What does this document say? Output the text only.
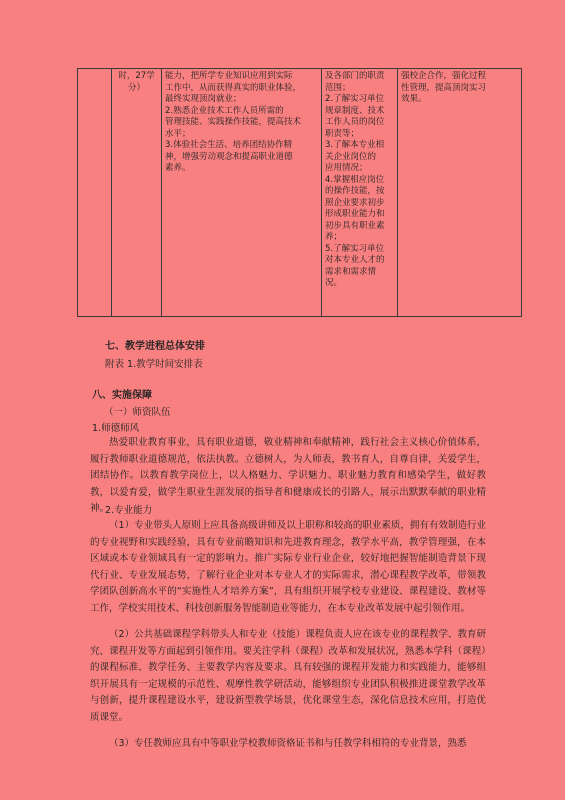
	时，27学
分）	能力，把所学专业知识应用到实际
工作中，从而获得真实的职业体验，
最终实现顶岗就业；
2.熟悉企业技术工作人员所需的
管理技能、实践操作技能，提高技术
水平；
3.体验社会生活、培养团结协作精
神，增强劳动观念和提高职业道德
素养。	及各部门的职责
范围；
2.了解实习单位
规章制度、技术
工作人员的岗位
职责等；
3.了解本专业相
关企业岗位的
应用情况；
4.掌握相应岗位
的操作技能，按
照企业要求初步
形成职业能力和
初步具有职业素
养；
5.了解实习单位
对本专业人才的
需求和需求情
况。	强校企合作，强化过程
性管理，提高顶岗实习
效果。
七、教学进程总体安排
附表 1.教学时间安排表
八、实施保障
（一）师资队伍
1.师德师风
热爱职业教育事业，具有职业道德，敬业精神和奉献精神，践行社会主义核心价值体系，履行教师职业道德规范，依法执教。立德树人，为人师表，教书育人，自尊自律，关爱学生，团结协作。以教育教学岗位上，以人格魅力、学识魅力、职业魅力教育和感染学生，做好教教，以爱育爱，做学生职业生涯发展的指导者和健康成长的引路人，展示出默默奉献的职业精神。
2.专业能力
（1）专业带头人原则上应具备高级讲师及以上职称和较高的职业素质，拥有有效制造行业的专业视野和实践经验，具有专业前瞻知识和先进教育理念，教学水平高，教学管理强，在本区域或本专业领域具有一定的影响力。推广实际专业行业企业，较好地把握智能制造背景下现代行业、专业发展态势，了解行业企业对本专业人才的实际需求，潜心课程教学改革，带领教学团队创新高水平的“实施性人才培养方案”，具有组织开展学校专业建设、课程建设、教材等工作，学校实用技术、科技创新服务智能制造业等能力，在本专业改革发展中起引领作用。
（2）公共基础课程学科带头人和专业（技能）课程负责人应在该专业的课程教学、教育研究、课程开发等方面起到引领作用。要关注学科（课程）改革和发展状况，熟悉本学科（课程）的课程标准、教学任务、主要教学内容及要求。具有较强的课程开发能力和实践能力，能够组织开展具有一定规模的示范性、观摩性教学研活动，能够组织专业团队积极推进课堂教学改革与创新，提升课程建设水平，建设新型教学场景，优化课堂生态，深化信息技术应用，打造优质课堂。
（3）专任教师应具有中等职业学校教师资格证书和与任教学科相符的专业背景，熟悉
